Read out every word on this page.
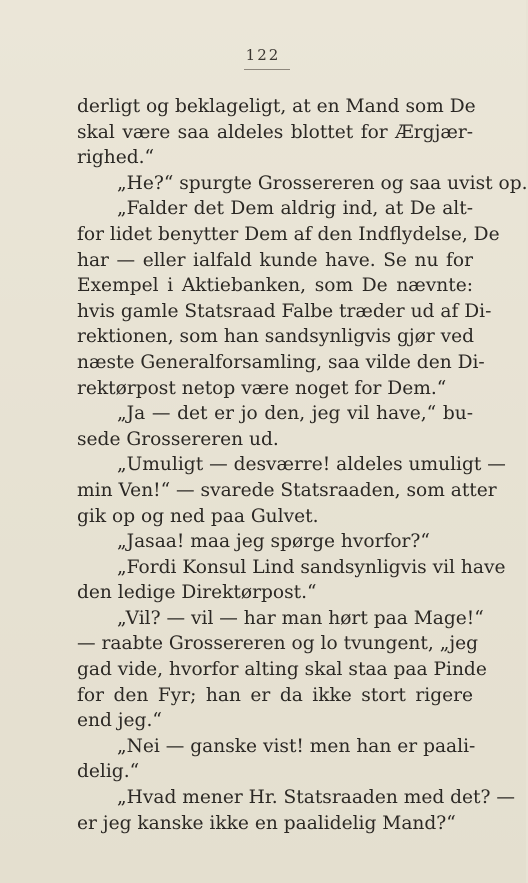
122
derligt og beklageligt, at en Mand som De
skal være saa aldeles blottet for Ærgjær-
righed.“
„He?“ spurgte Grossereren og saa uvist op.
„Falder det Dem aldrig ind, at De alt-
for lidet benytter Dem af den Indflydelse, De
har — eller ialfald kunde have. Se nu for
Exempel i Aktiebanken, som De nævnte:
hvis gamle Statsraad Falbe træder ud af Di-
rektionen, som han sandsynligvis gjør ved
næste Generalforsamling, saa vilde den Di-
rektørpost netop være noget for Dem.“
„Ja — det er jo den, jeg vil have,“ bu-
sede Grossereren ud.
„Umuligt — desværre! aldeles umuligt —
min Ven!“ — svarede Statsraaden, som atter
gik op og ned paa Gulvet.
„Jasaa! maa jeg spørge hvorfor?“
„Fordi Konsul Lind sandsynligvis vil have
den ledige Direktørpost.“
„Vil? — vil — har man hørt paa Mage!“
— raabte Grossereren og lo tvungent, „jeg
gad vide, hvorfor alting skal staa paa Pinde
for den Fyr; han er da ikke stort rigere
end jeg.“
„Nei — ganske vist! men han er paali-
delig.“
„Hvad mener Hr. Statsraaden med det? —
er jeg kanske ikke en paalidelig Mand?“
